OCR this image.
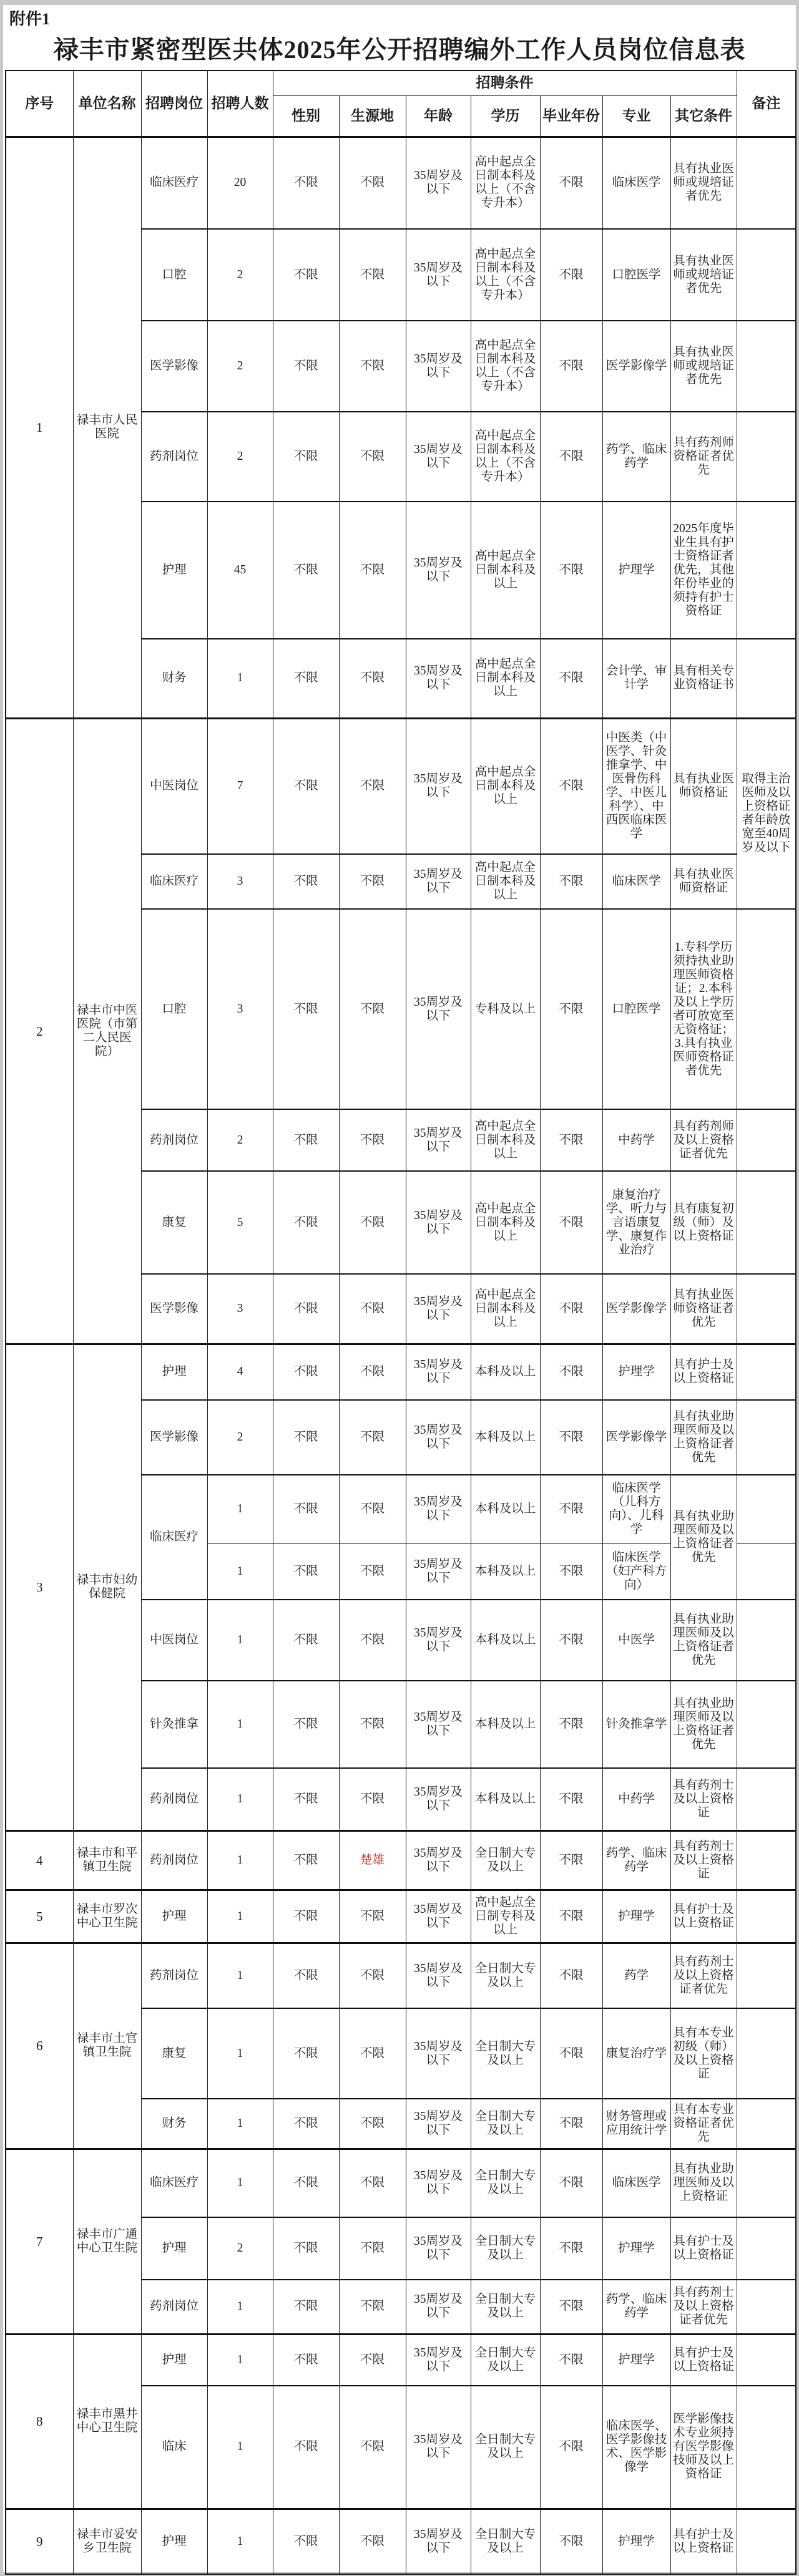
附件1
禄丰市紧密型医共体2025年公开招聘编外工作人员岗位信息表
序号	单位名称	招聘岗位	招聘人数	招聘条件							备注
				性别	生源地	年龄	学历	毕业年份	专业	其它条件	
1	禄丰市人民医院	临床医疗	20	不限	不限	35周岁及以下	高中起点全日制本科及以上（不含专升本）	不限	临床医学	具有执业医师或规培证者优先	
		口腔	2	不限	不限	35周岁及以下	高中起点全日制本科及以上（不含专升本）	不限	口腔医学	具有执业医师或规培证者优先	
		医学影像	2	不限	不限	35周岁及以下	高中起点全日制本科及以上（不含专升本）	不限	医学影像学	具有执业医师或规培证者优先	
		药剂岗位	2	不限	不限	35周岁及以下	高中起点全日制本科及以上（不含专升本）	不限	药学、临床药学	具有药剂师资格证者优先	
		护理	45	不限	不限	35周岁及以下	高中起点全日制本科及以上	不限	护理学	2025年度毕业生具有护士资格证者优先，其他年份毕业的须持有护士资格证	
		财务	1	不限	不限	35周岁及以下	高中起点全日制本科及以上	不限	会计学、审计学	具有相关专业资格证书	
2	禄丰市中医医院（市第二人民医院）	中医岗位	7	不限	不限	35周岁及以下	高中起点全日制本科及以上	不限	中医类（中医学、针灸推拿学、中医骨伤科学、中医儿科学）、中西医临床医学	具有执业医师资格证	取得主治医师及以上资格证者年龄放宽至40周岁及以下
		临床医疗	3	不限	不限	35周岁及以下	高中起点全日制本科及以上	不限	临床医学	具有执业医师资格证	
		口腔	3	不限	不限	35周岁及以下	专科及以上	不限	口腔医学	1.专科学历须持执业助理医师资格证；2.本科及以上学历者可放宽至无资格证；3.具有执业医师资格证者优先	
		药剂岗位	2	不限	不限	35周岁及以下	高中起点全日制本科及以上	不限	中药学	具有药剂师及以上资格证者优先	
		康复	5	不限	不限	35周岁及以下	高中起点全日制本科及以上	不限	康复治疗学、听力与言语康复学、康复作业治疗	具有康复初级（师）及以上资格证	
		医学影像	3	不限	不限	35周岁及以下	高中起点全日制本科及以上	不限	医学影像学	具有执业医师资格证者优先	
3	禄丰市妇幼保健院	护理	4	不限	不限	35周岁及以下	本科及以上	不限	护理学	具有护士及以上资格证	
		医学影像	2	不限	不限	35周岁及以下	本科及以上	不限	医学影像学	具有执业助理医师及以上资格证者优先	
		临床医疗	1	不限	不限	35周岁及以下	本科及以上	不限	临床医学（儿科方向）、儿科学	具有执业助理医师及以上资格证者优先	
			1	不限	不限	35周岁及以下	本科及以上	不限	临床医学（妇产科方向）		
		中医岗位	1	不限	不限	35周岁及以下	本科及以上	不限	中医学	具有执业助理医师及以上资格证者优先	
		针灸推拿	1	不限	不限	35周岁及以下	本科及以上	不限	针灸推拿学	具有执业助理医师及以上资格证者优先	
		药剂岗位	1	不限	不限	35周岁及以下	本科及以上	不限	中药学	具有药剂士及以上资格证	
4	禄丰市和平镇卫生院	药剂岗位	1	不限	楚雄	35周岁及以下	全日制大专及以上	不限	药学、临床药学	具有药剂士及以上资格证	
5	禄丰市罗次中心卫生院	护理	1	不限	不限	35周岁及以下	高中起点全日制专科及以上	不限	护理学	具有护士及以上资格证	
6	禄丰市土官镇卫生院	药剂岗位	1	不限	不限	35周岁及以下	全日制大专及以上	不限	药学	具有药剂士及以上资格证者优先	
		康复	1	不限	不限	35周岁及以下	全日制大专及以上	不限	康复治疗学	具有本专业初级（师）及以上资格证	
		财务	1	不限	不限	35周岁及以下	全日制大专及以上	不限	财务管理或应用统计学	具有本专业资格证者优先	
7	禄丰市广通中心卫生院	临床医疗	1	不限	不限	35周岁及以下	全日制大专及以上	不限	临床医学	具有执业助理医师及以上资格证	
		护理	2	不限	不限	35周岁及以下	全日制大专及以上	不限	护理学	具有护士及以上资格证	
		药剂岗位	1	不限	不限	35周岁及以下	全日制大专及以上	不限	药学、临床药学	具有药剂士及以上资格证者优先	
8	禄丰市黑井中心卫生院	护理	1	不限	不限	35周岁及以下	全日制大专及以上	不限	护理学	具有护士及以上资格证	
		临床	1	不限	不限	35周岁及以下	全日制大专及以上	不限	临床医学、医学影像技术、医学影像学	医学影像技术专业须持有医学影像技师及以上资格证	
9	禄丰市妥安乡卫生院	护理	1	不限	不限	35周岁及以下	全日制大专及以上	不限	护理学	具有护士及以上资格证	
